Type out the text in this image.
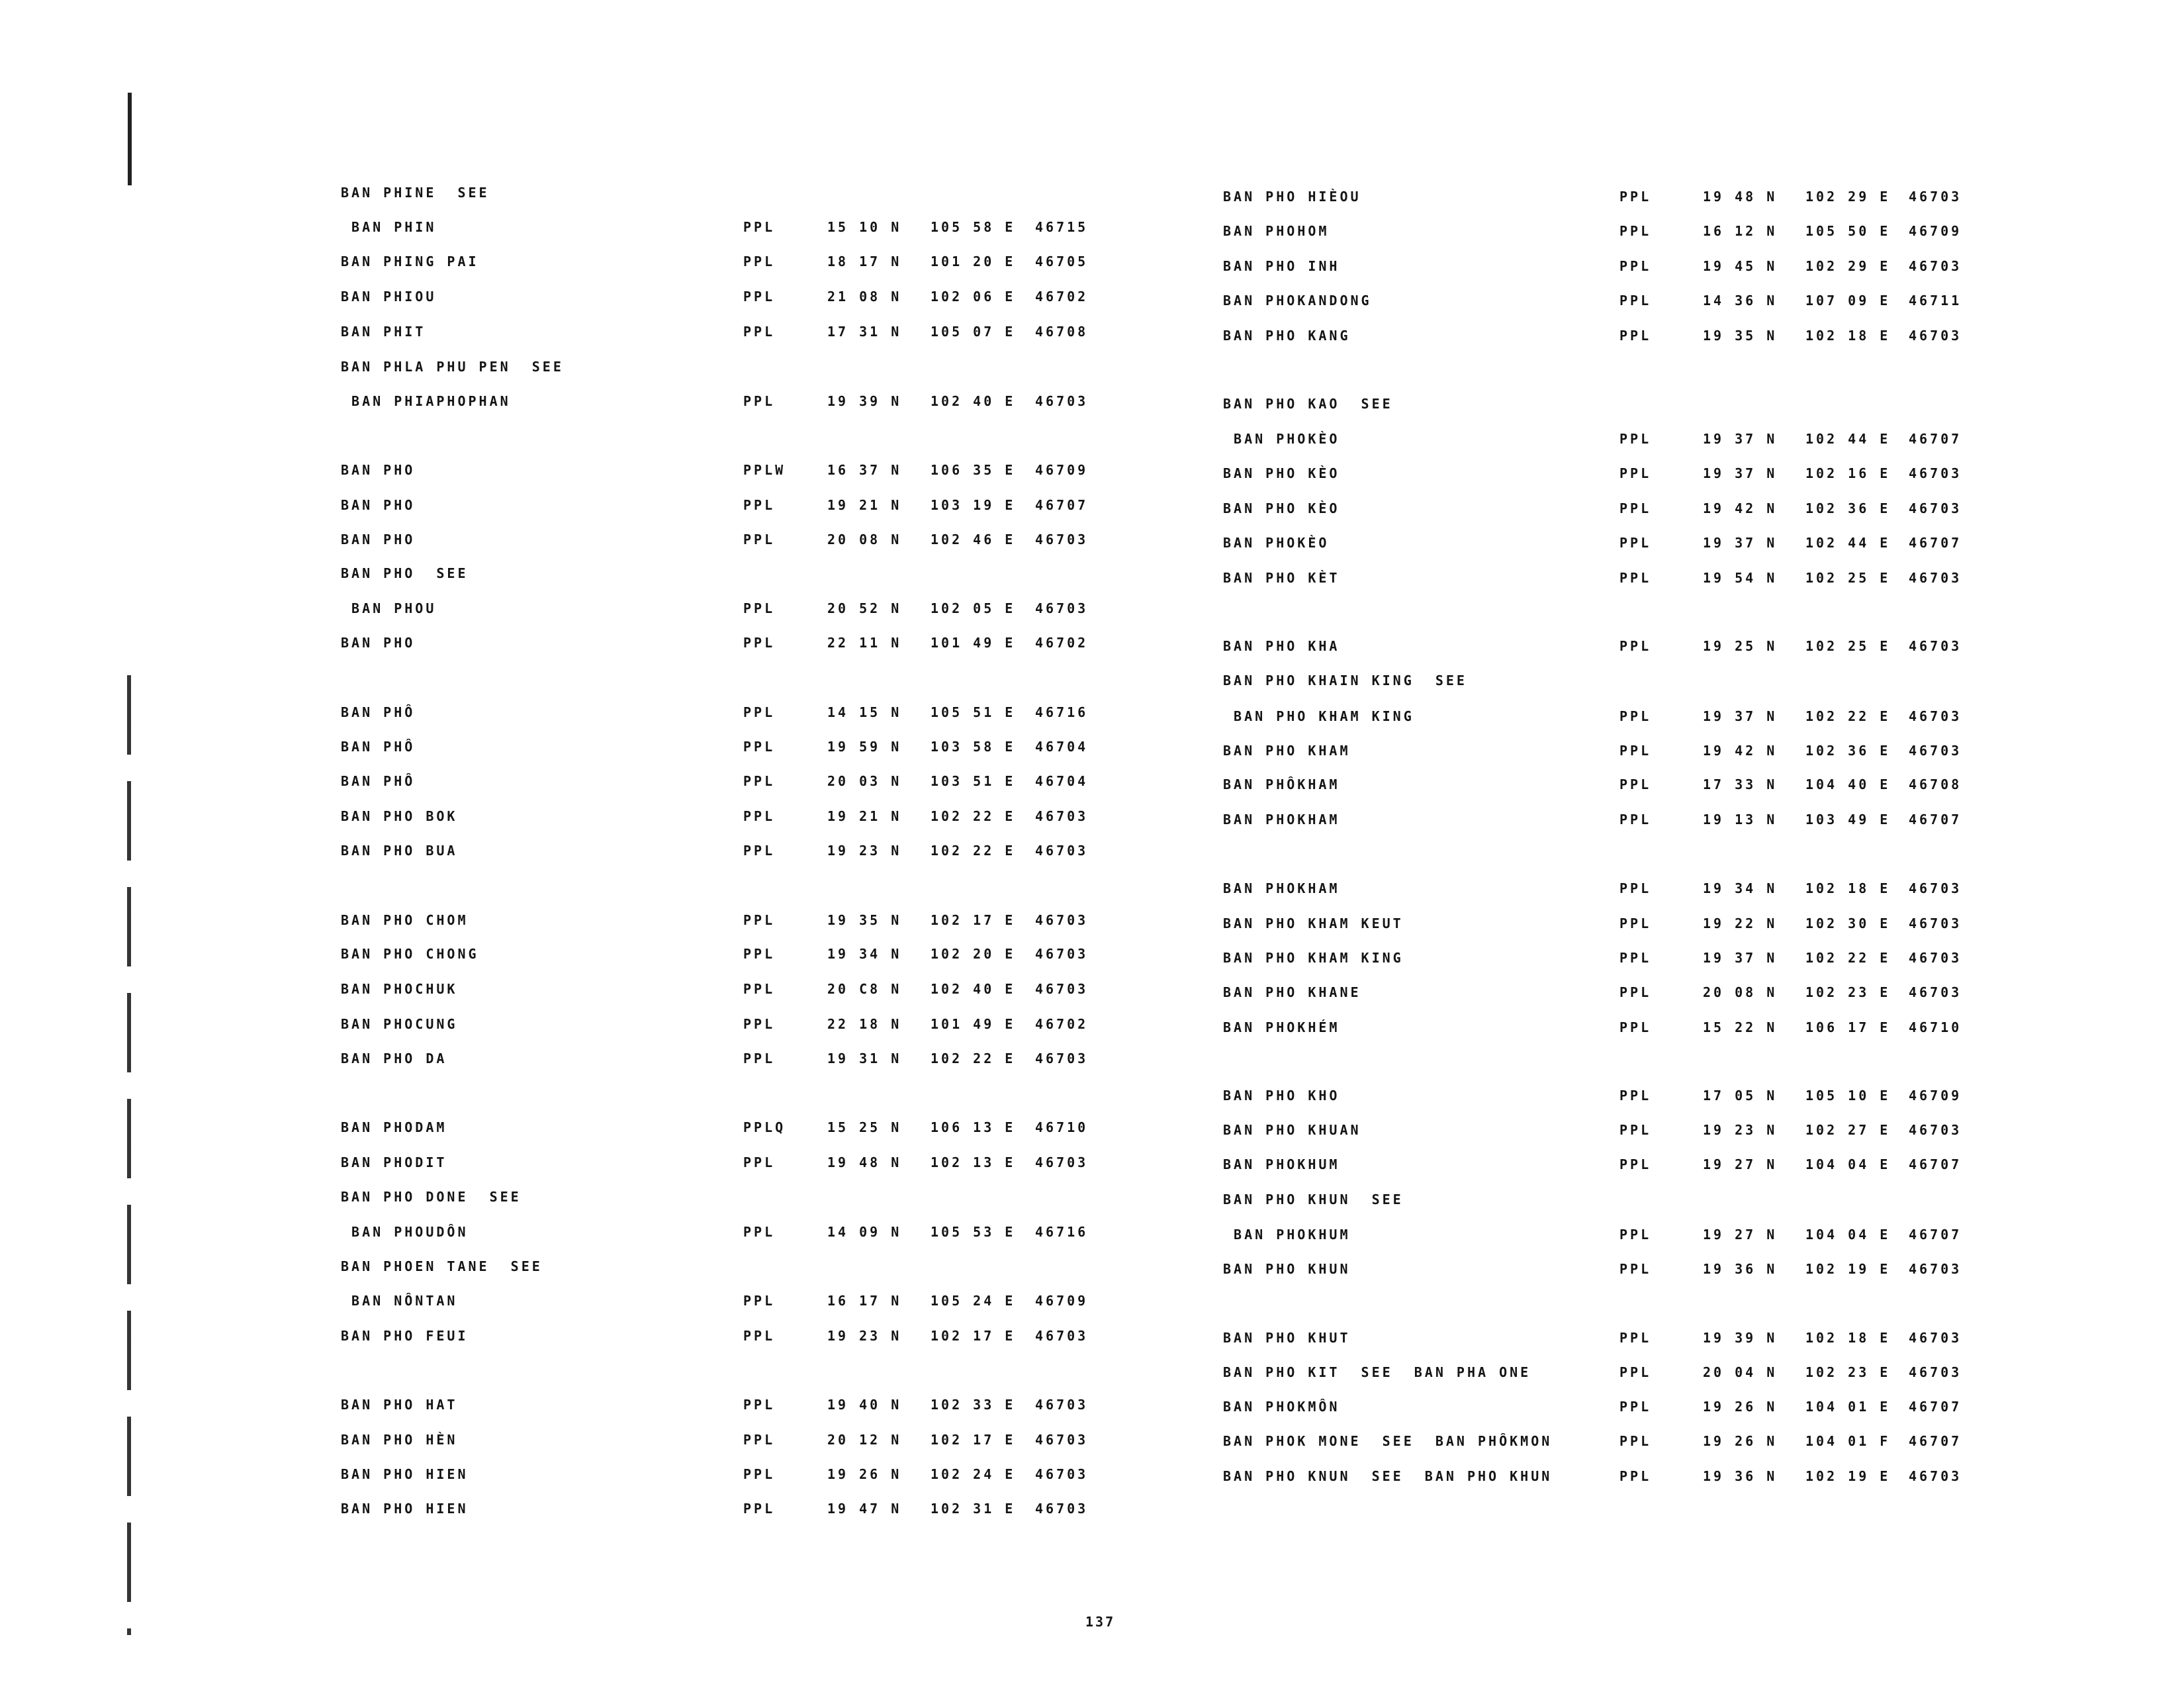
BAN PHINE  SEE
BAN PHIN	PPL	15 10 N 105 58 E 46715
BAN PHING PAI	PPL	18 17 N 101 20 E 46705
BAN PHIOU	PPL	21 08 N 102 06 E 46702
BAN PHIT	PPL	17 31 N 105 07 E 46708
BAN PHLA PHU PEN  SEE
BAN PHIAPHOPHAN	PPL	19 39 N 102 40 E 46703
BAN PHO	PPLW	16 37 N 106 35 E 46709
BAN PHO	PPL	19 21 N 103 19 E 46707
BAN PHO	PPL	20 08 N 102 46 E 46703
BAN PHO  SEE
BAN PHOU	PPL	20 52 N 102 05 E 46703
BAN PHO	PPL	22 11 N 101 49 E 46702
BAN PHÔ	PPL	14 15 N 105 51 E 46716
BAN PHÔ	PPL	19 59 N 103 58 E 46704
BAN PHÔ	PPL	20 03 N 103 51 E 46704
BAN PHO BOK	PPL	19 21 N 102 22 E 46703
BAN PHO BUA	PPL	19 23 N 102 22 E 46703
BAN PHO CHOM	PPL	19 35 N 102 17 E 46703
BAN PHO CHONG	PPL	19 34 N 102 20 E 46703
BAN PHOCHUK	PPL	20 C8 N 102 40 E 46703
BAN PHOCUNG	PPL	22 18 N 101 49 E 46702
BAN PHO DA	PPL	19 31 N 102 22 E 46703
BAN PHODAM	PPLQ	15 25 N 106 13 E 46710
BAN PHODIT	PPL	19 48 N 102 13 E 46703
BAN PHO DONE  SEE
BAN PHOUDÔN	PPL	14 09 N 105 53 E 46716
BAN PHOEN TANE  SEE
BAN NÔNTAN	PPL	16 17 N 105 24 E 46709
BAN PHO FEUI	PPL	19 23 N 102 17 E 46703
BAN PHO HAT	PPL	19 40 N 102 33 E 46703
BAN PHO HÈN	PPL	20 12 N 102 17 E 46703
BAN PHO HIEN	PPL	19 26 N 102 24 E 46703
BAN PHO HIEN	PPL	19 47 N 102 31 E 46703
BAN PHO HIÈOU	PPL	19 48 N 102 29 E 46703
BAN PHOHOM	PPL	16 12 N 105 50 E 46709
BAN PHO INH	PPL	19 45 N 102 29 E 46703
BAN PHOKANDONG	PPL	14 36 N 107 09 E 46711
BAN PHO KANG	PPL	19 35 N 102 18 E 46703
BAN PHO KAO  SEE
BAN PHOKÈO	PPL	19 37 N 102 44 E 46707
BAN PHO KÈO	PPL	19 37 N 102 16 E 46703
BAN PHO KÈO	PPL	19 42 N 102 36 E 46703
BAN PHOKÈO	PPL	19 37 N 102 44 E 46707
BAN PHO KÈT	PPL	19 54 N 102 25 E 46703
BAN PHO KHA	PPL	19 25 N 102 25 E 46703
BAN PHO KHAIN KING  SEE
BAN PHO KHAM KING	PPL	19 37 N 102 22 E 46703
BAN PHO KHAM	PPL	19 42 N 102 36 E 46703
BAN PHÔKHAM	PPL	17 33 N 104 40 E 46708
BAN PHOKHAM	PPL	19 13 N 103 49 E 46707
BAN PHOKHAM	PPL	19 34 N 102 18 E 46703
BAN PHO KHAM KEUT	PPL	19 22 N 102 30 E 46703
BAN PHO KHAM KING	PPL	19 37 N 102 22 E 46703
BAN PHO KHANE	PPL	20 08 N 102 23 E 46703
BAN PHOKHÉM	PPL	15 22 N 106 17 E 46710
BAN PHO KHO	PPL	17 05 N 105 10 E 46709
BAN PHO KHUAN	PPL	19 23 N 102 27 E 46703
BAN PHOKHUM	PPL	19 27 N 104 04 E 46707
BAN PHO KHUN  SEE
BAN PHOKHUM	PPL	19 27 N 104 04 E 46707
BAN PHO KHUN	PPL	19 36 N 102 19 E 46703
BAN PHO KHUT	PPL	19 39 N 102 18 E 46703
BAN PHO KIT  SEE  BAN PHA ONE	PPL	20 04 N 102 23 E 46703
BAN PHOKMÔN	PPL	19 26 N 104 01 E 46707
BAN PHOK MONE  SEE  BAN PHÔKMON	PPL	19 26 N 104 01 F 46707
BAN PHO KNUN  SEE  BAN PHO KHUN	PPL	19 36 N 102 19 E 46703
137
